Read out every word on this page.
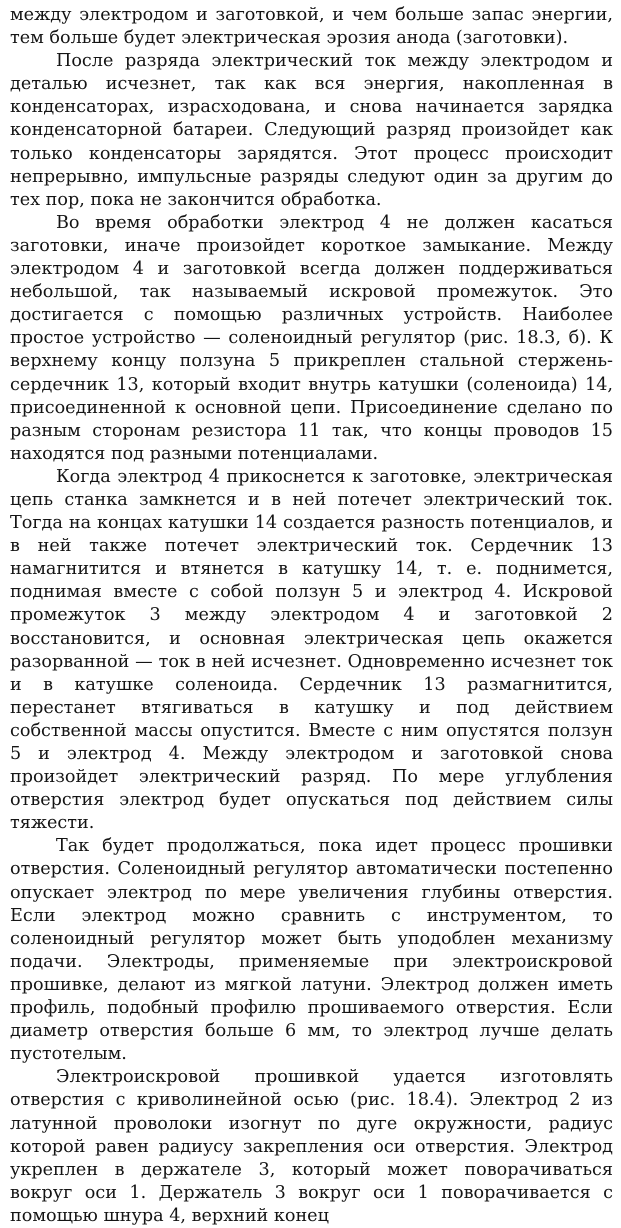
между электродом и заготовкой, и чем больше запас энергии, тем больше будет электрическая эрозия анода (заготовки).

После разряда электрический ток между электродом и деталью исчезнет, так как вся энергия, накопленная в конденсаторах, израсходована, и снова начинается зарядка конденсаторной батареи. Следующий разряд произойдет как только конденсаторы зарядятся. Этот процесс происходит непрерывно, импульсные разряды следуют один за другим до тех пор, пока не закончится обработка.

Во время обработки электрод 4 не должен касаться заготовки, иначе произойдет короткое замыкание. Между электродом 4 и заготовкой всегда должен поддерживаться небольшой, так называемый искровой промежуток. Это достигается с помощью различных устройств. Наиболее простое устройство — соленоидный регулятор (рис. 18.3, б). К верхнему концу ползуна 5 прикреплен стальной стержень-сердечник 13, который входит внутрь катушки (соленоида) 14, присоединенной к основной цепи. Присоединение сделано по разным сторонам резистора 11 так, что концы проводов 15 находятся под разными потенциалами.

Когда электрод 4 прикоснется к заготовке, электрическая цепь станка замкнется и в ней потечет электрический ток. Тогда на концах катушки 14 создается разность потенциалов, и в ней также потечет электрический ток. Сердечник 13 намагнитится и втянется в катушку 14, т. е. поднимется, поднимая вместе с собой ползун 5 и электрод 4. Искровой промежуток 3 между электродом 4 и заготовкой 2 восстановится, и основная электрическая цепь окажется разорванной — ток в ней исчезнет. Одновременно исчезнет ток и в катушке соленоида. Сердечник 13 размагнитится, перестанет втягиваться в катушку и под действием собственной массы опустится. Вместе с ним опустятся ползун 5 и электрод 4. Между электродом и заготовкой снова произойдет электрический разряд. По мере углубления отверстия электрод будет опускаться под действием силы тяжести.

Так будет продолжаться, пока идет процесс прошивки отверстия. Соленоидный регулятор автоматически постепенно опускает электрод по мере увеличения глубины отверстия. Если электрод можно сравнить с инструментом, то соленоидный регулятор может быть уподоблен механизму подачи. Электроды, применяемые при электроискровой прошивке, делают из мягкой латуни. Электрод должен иметь профиль, подобный профилю прошиваемого отверстия. Если диаметр отверстия больше 6 мм, то электрод лучше делать пустотелым.

Электроискровой прошивкой удается изготовлять отверстия с криволинейной осью (рис. 18.4). Электрод 2 из латунной проволоки изогнут по дуге окружности, радиус которой равен радиусу закрепления оси отверстия. Электрод укреплен в держателе 3, который может поворачиваться вокруг оси 1. Держатель 3 вокруг оси 1 поворачивается с помощью шнура 4, верхний конец
